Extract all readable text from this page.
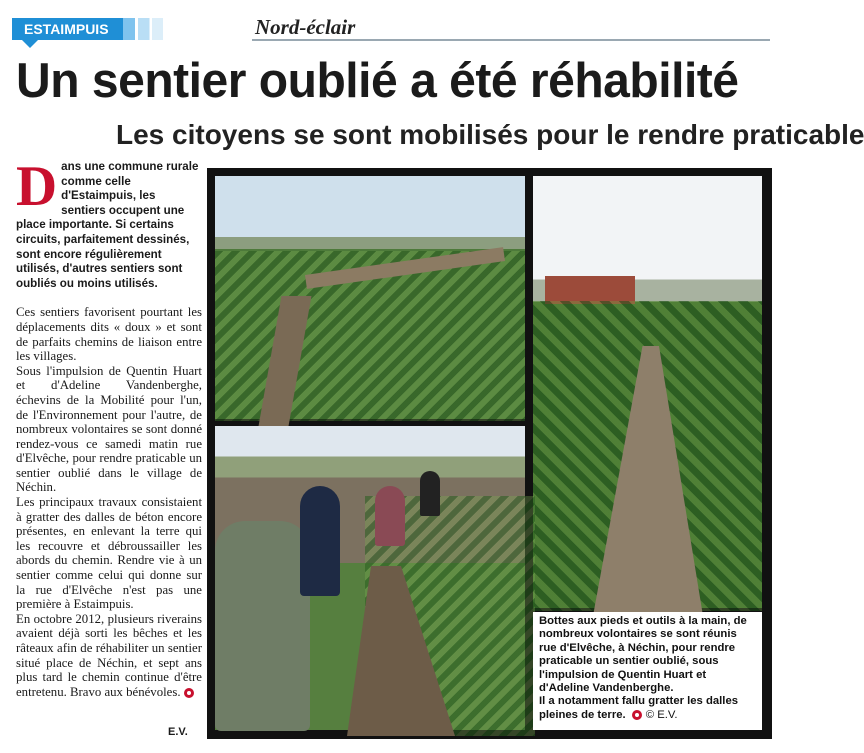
ESTAIMPUIS	Nord-éclair
Un sentier oublié a été réhabilité
Les citoyens se sont mobilisés pour le rendre praticable
D ans une commune rurale comme celle d'Estaimpuis, les sentiers occupent une place importante. Si certains circuits, parfaitement dessinés, sont encore régulièrement utilisés, d'autres sentiers sont oubliés ou moins utilisés.

Ces sentiers favorisent pourtant les déplacements dits « doux » et sont de parfaits chemins de liaison entre les villages.

Sous l'impulsion de Quentin Huart et d'Adeline Vandenberghe, échevins de la Mobilité pour l'un, de l'Environnement pour l'autre, de nombreux volontaires se sont donné rendez-vous ce samedi matin rue d'Elvêche, pour rendre praticable un sentier oublié dans le village de Néchin.

Les principaux travaux consistaient à gratter des dalles de béton encore présentes, en enlevant la terre qui les recouvre et débroussailler les abords du chemin. Rendre vie à un sentier comme celui qui donne sur la rue d'Elvêche n'est pas une première à Estaimpuis.

En octobre 2012, plusieurs riverains avaient déjà sorti les bêches et les râteaux afin de réhabiliter un sentier situé place de Néchin, et sept ans plus tard le chemin continue d'être entretenu. Bravo aux bénévoles.

E.V.

Bottes aux pieds et outils à la main, de nombreux volontaires se sont réunis rue d'Elvêche, à Néchin, pour rendre praticable un sentier oublié, sous l'impulsion de Quentin Huart et d'Adeline Vandenberghe.

Il a notamment fallu gratter les dalles pleines de terre. © E.V.
